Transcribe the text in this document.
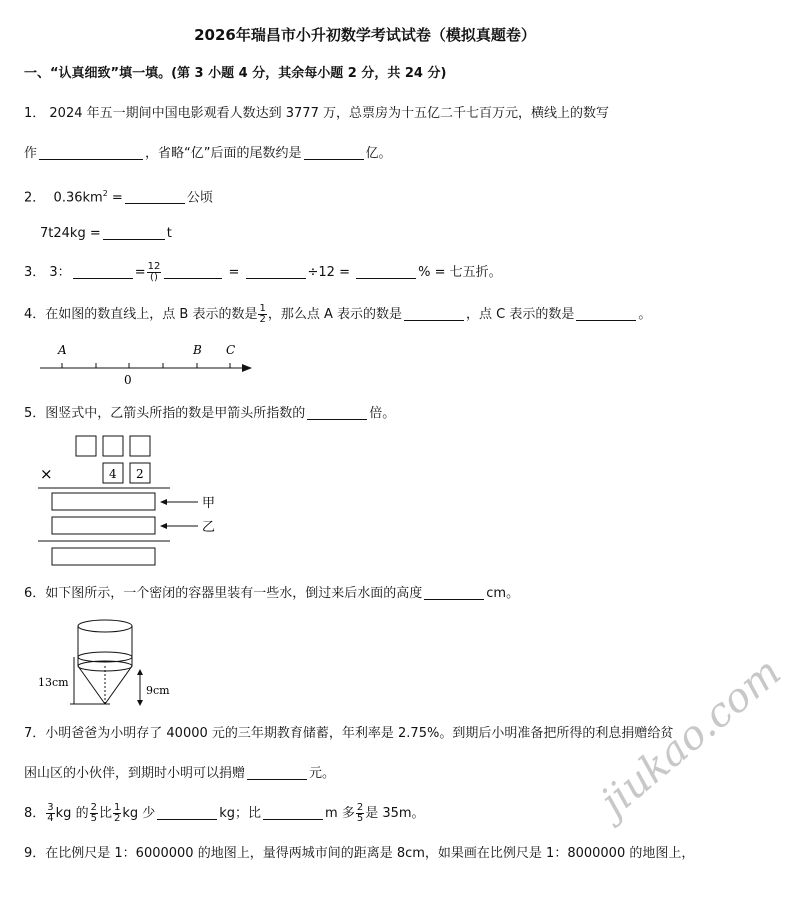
2026年瑞昌市小升初数学考试试卷（模拟真题卷）
一、“认真细致”填一填。(第 3 小题 4 分，其余每小题 2 分，共 24 分)
1． 2024 年五一期间中国电影观看人数达到 3777 万，总票房为十五亿二千七百万元，横线上的数写
作	，省略“亿”后面的尾数约是	亿。
2． $0.36km^2$ =	公顷
7t24kg =	t
3． 3：	= $\frac{12}{()}$	=	÷12 =	% = 七五折。
4．在如图的数直线上，点 B 表示的数是 $\frac{1}{2}$ ，那么点 A 表示的数是	，点 C 表示的数是	。
A	B C
0
5．图竖式中，乙箭头所指的数是甲箭头所指数的	倍。
×	4 2
甲
乙
6．如下图所示，一个密闭的容器里装有一些水，倒过来后水面的高度	cm。
13cm
9cm
7．小明爸爸为小明存了 40000 元的三年期教育储蓄，年利率是 2.75%。到期后小明准备把所得的利息捐赠给贫
困山区的小伙伴，到期时小明可以捐赠	元。
8． $\frac{3}{4}$ kg 的 $\frac{2}{5}$ 比 $\frac{1}{2}$ kg 少	kg；比	m 多 $\frac{2}{5}$ 是 35m。
9．在比例尺是 1：6000000 的地图上，量得两城市间的距离是 8cm，如果画在比例尺是 1：8000000 的地图上，
jiukao.com
